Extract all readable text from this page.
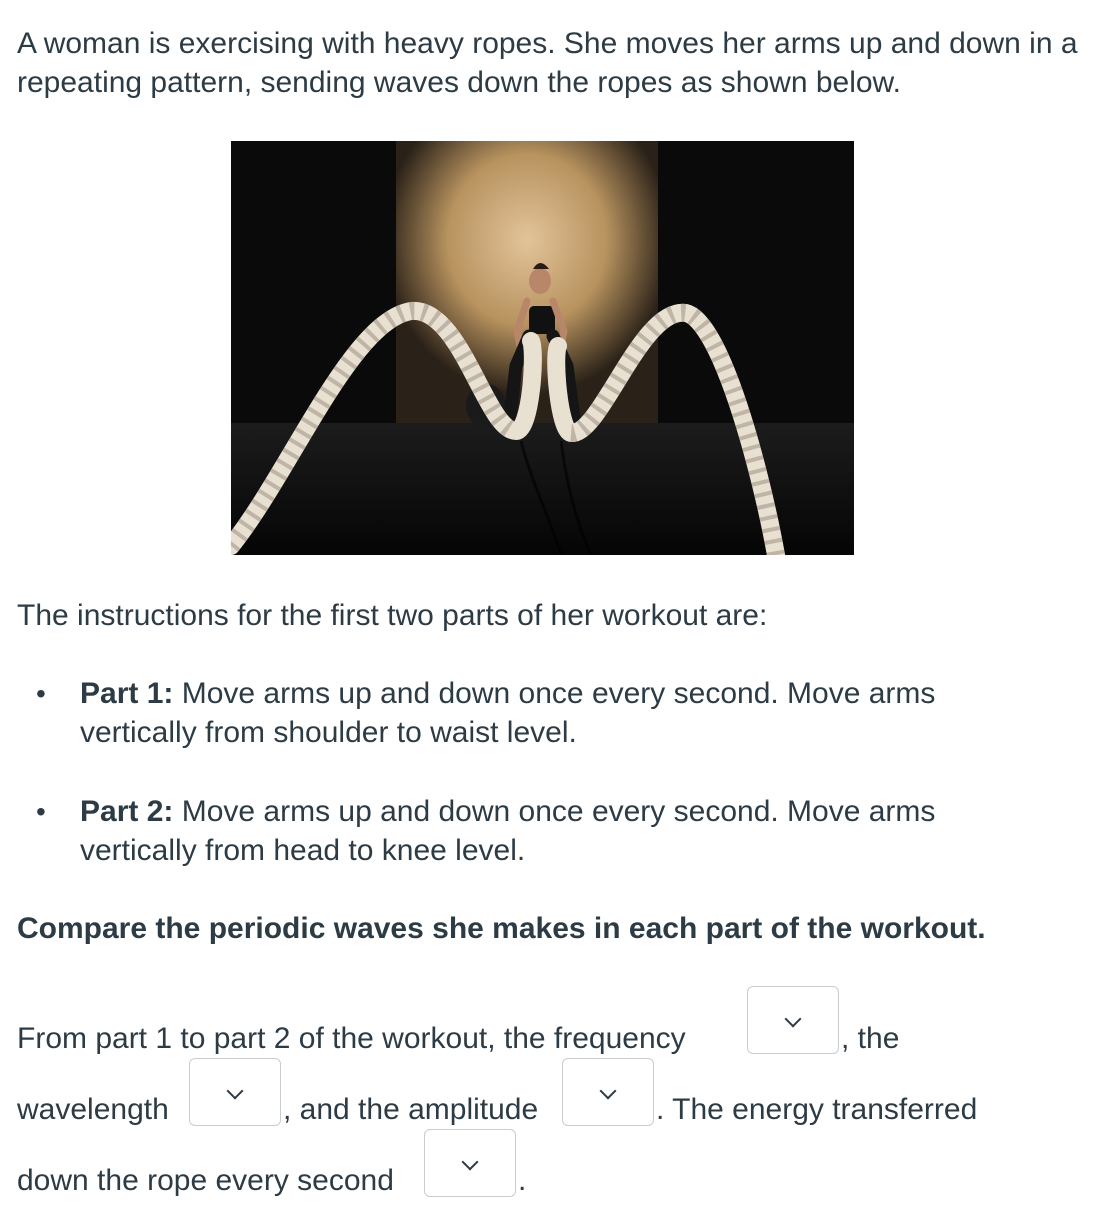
A woman is exercising with heavy ropes. She moves her arms up and down in a repeating pattern, sending waves down the ropes as shown below.

The instructions for the first two parts of her workout are:

•	Part 1: Move arms up and down once every second. Move arms vertically from shoulder to waist level.
•	Part 2: Move arms up and down once every second. Move arms vertically from head to knee level.

Compare the periodic waves she makes in each part of the workout.

From part 1 to part 2 of the workout, the frequency	, the
wavelength	, and the amplitude	. The energy transferred
down the rope every second	.
